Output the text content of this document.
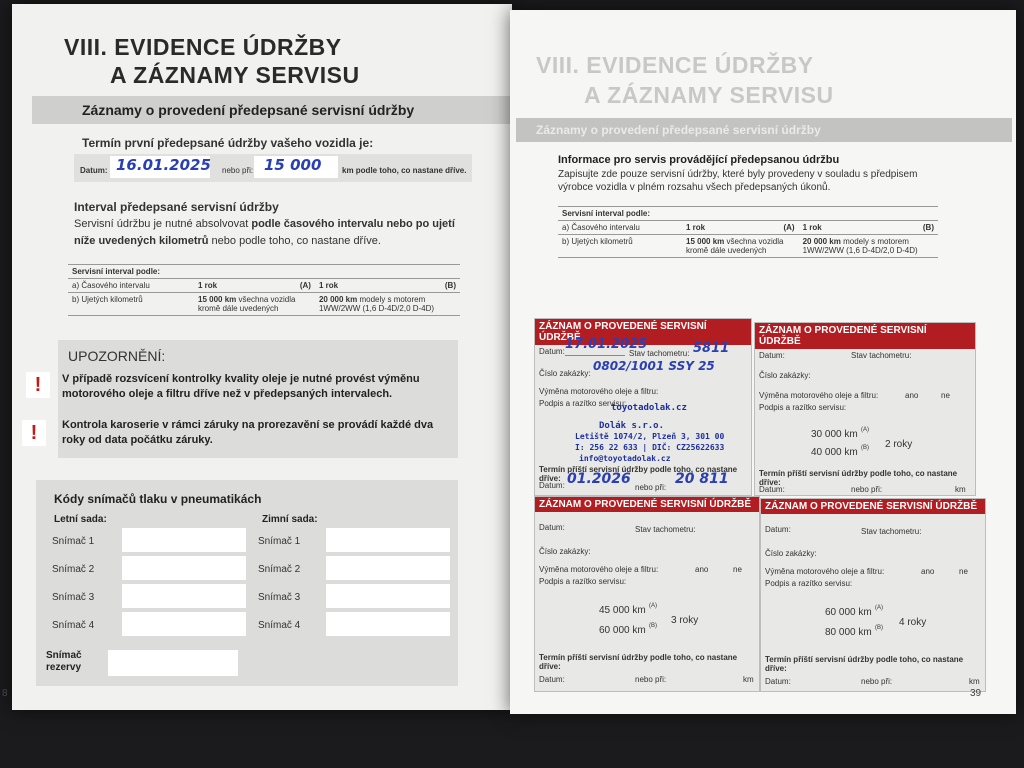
VIII. EVIDENCE ÚDRŽBY
A ZÁZNAMY SERVISU
Záznamy o provedení předepsané servisní údržby
Termín první předepsané údržby vašeho vozidla je:
Datum: 16.01.2025 nebo při: 15 000	km podle toho, co nastane dříve.
Interval předepsané servisní údržby
Servisní údržbu je nutné absolvovat podle časového intervalu nebo po ujetí níže uvedených kilometrů nebo podle toho, co nastane dříve.
Servisní interval podle:		
a) Časového intervalu	1 rok (A)	1 rok (B)

b) Ujetých kilometrů	15 000 km všechna vozidla kromě dále uvedených	20 000 km modely s motorem 1WW/2WW (1,6 D-4D/2,0 D-4D)
UPOZORNĚNÍ:
V případě rozsvícení kontrolky kvality oleje je nutné provést výměnu motorového oleje a filtru dříve než v předepsaných intervalech.
Kontrola karoserie v rámci záruky na prorezavění se provádí každé dva roky od data počátku záruky.
!
!
Kódy snímačů tlaku v pneumatikách
Letní sada:	Zimní sada:
Snímač 1
Snímač 2
Snímač 3
Snímač 4
Snímač 1
Snímač 2
Snímač 3
Snímač 4
Snímač
rezervy
8
VIII. EVIDENCE ÚDRŽBY
A ZÁZNAMY SERVISU
Záznamy o provedení předepsané servisní údržby
Informace pro servis provádějící předepsanou údržbu
Zapisujte zde pouze servisní údržby, které byly provedeny v souladu s předpisem výrobce vozidla v plném rozsahu všech předepsaných úkonů.
Servisní interval podle:		
a) Časového intervalu	1 rok (A)	1 rok (B)

b) Ujetých kilometrů	15 000 km všechna vozidla kromě dále uvedených	20 000 km modely s motorem 1WW/2WW (1,6 D-4D/2,0 D-4D)
ZÁZNAM O PROVEDENÉ SERVISNÍ ÚDRŽBĚ
Datum: 17.01.2025
Stav tachometru: 5811
Číslo zakázky:
0802/1001 SSY 25
Výměna motorového oleje a filtru:
Podpis a razítko servisu:
toyotadolak.cz
Dolák s.r.o.
Letiště 1074/2, Plzeň 3, 301 00
I: 256 22 633 | DIČ: CZ25622633
info@toyotadolak.cz
Termín příští servisní údržby podle toho, co nastane dříve:
Datum: 01.2026
nebo při:
20 811
ZÁZNAM O PROVEDENÉ SERVISNÍ ÚDRŽBĚ
Datum:	Stav tachometru:
Číslo zakázky:
Výměna motorového oleje a filtru:	ano	ne
Podpis a razítko servisu:
30 000 km (A)
40 000 km (B) 2 roky
Termín příští servisní údržby podle toho, co nastane dříve:
Datum:	nebo při:	km
ZÁZNAM O PROVEDENÉ SERVISNÍ ÚDRŽBĚ
Datum:	Stav tachometru:
Číslo zakázky:
Výměna motorového oleje a filtru:	ano	ne
Podpis a razítko servisu:
45 000 km (A)
60 000 km (B) 3 roky
Termín příští servisní údržby podle toho, co nastane dříve:
Datum:	nebo při:	km
ZÁZNAM O PROVEDENÉ SERVISNÍ ÚDRŽBĚ
Datum:	Stav tachometru:
Číslo zakázky:
Výměna motorového oleje a filtru:	ano	ne
Podpis a razítko servisu:
60 000 km (A)
80 000 km (B) 4 roky
Termín příští servisní údržby podle toho, co nastane dříve:
Datum:	nebo při:	km
39
